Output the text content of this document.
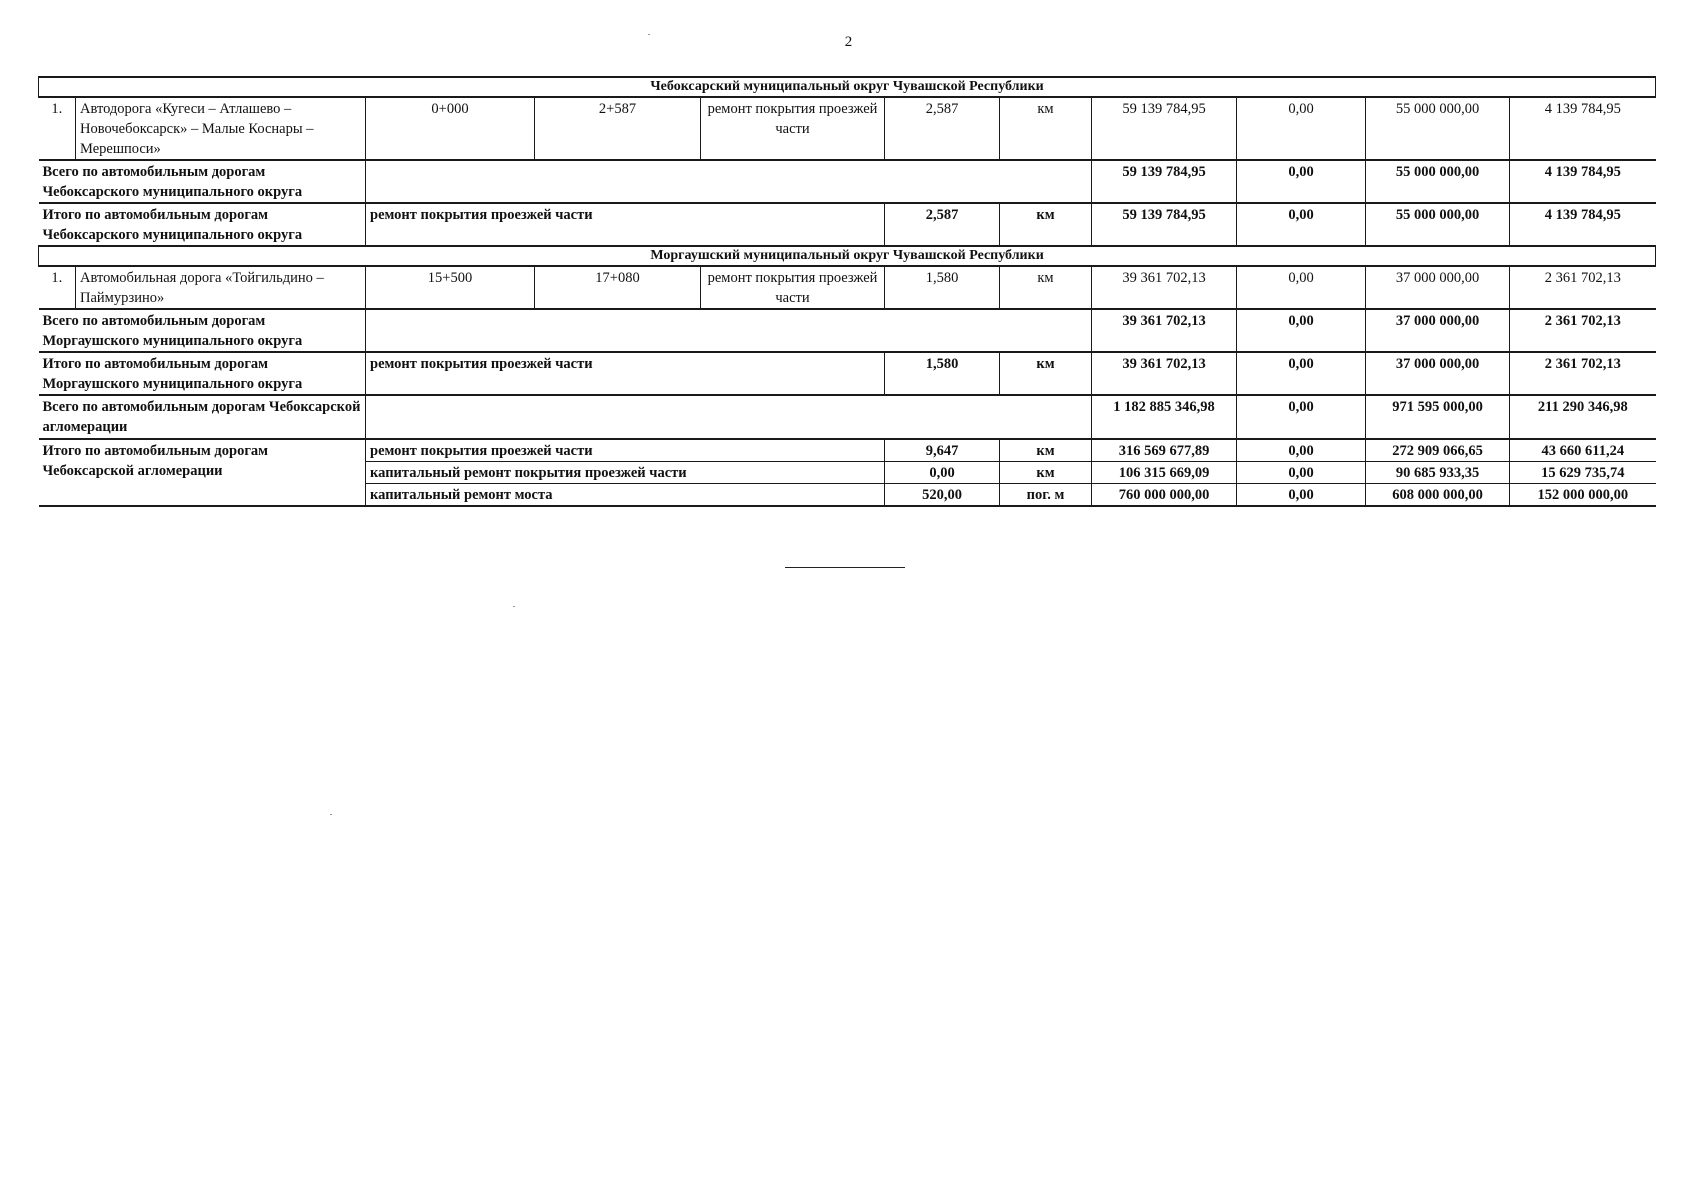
2
Чебоксарский муниципальный округ Чувашской Республики										
1.	Автодорога «Кугеси – Атлашево – Новочебоксарск» – Малые Коснары – Мерешпоси»	0+000	2+587	ремонт покрытия проезжей части	2,587	км	59 139 784,95	0,00	55 000 000,00	4 139 784,95
Всего по автомобильным дорогам Чебоксарского муниципального округа							59 139 784,95	0,00	55 000 000,00	4 139 784,95
Итого по автомобильным дорогам Чебоксарского муниципального округа		ремонт покрытия проезжей части			2,587	км	59 139 784,95	0,00	55 000 000,00	4 139 784,95
Моргаушский муниципальный округ Чувашской Республики										
1.	Автомобильная дорога «Тойгильдино – Паймурзино»	15+500	17+080	ремонт покрытия проезжей части	1,580	км	39 361 702,13	0,00	37 000 000,00	2 361 702,13
Всего по автомобильным дорогам Моргаушского муниципального округа							39 361 702,13	0,00	37 000 000,00	2 361 702,13
Итого по автомобильным дорогам Моргаушского муниципального округа		ремонт покрытия проезжей части			1,580	км	39 361 702,13	0,00	37 000 000,00	2 361 702,13
Всего по автомобильным дорогам Чебоксарской агломерации							1 182 885 346,98	0,00	971 595 000,00	211 290 346,98
Итого по автомобильным дорогам Чебоксарской агломерации		ремонт покрытия проезжей части			9,647	км	316 569 677,89	0,00	272 909 066,65	43 660 611,24
		капитальный ремонт покрытия проезжей части			0,00	км	106 315 669,09	0,00	90 685 933,35	15 629 735,74
		капитальный ремонт моста			520,00	пог. м	760 000 000,00	0,00	608 000 000,00	152 000 000,00
